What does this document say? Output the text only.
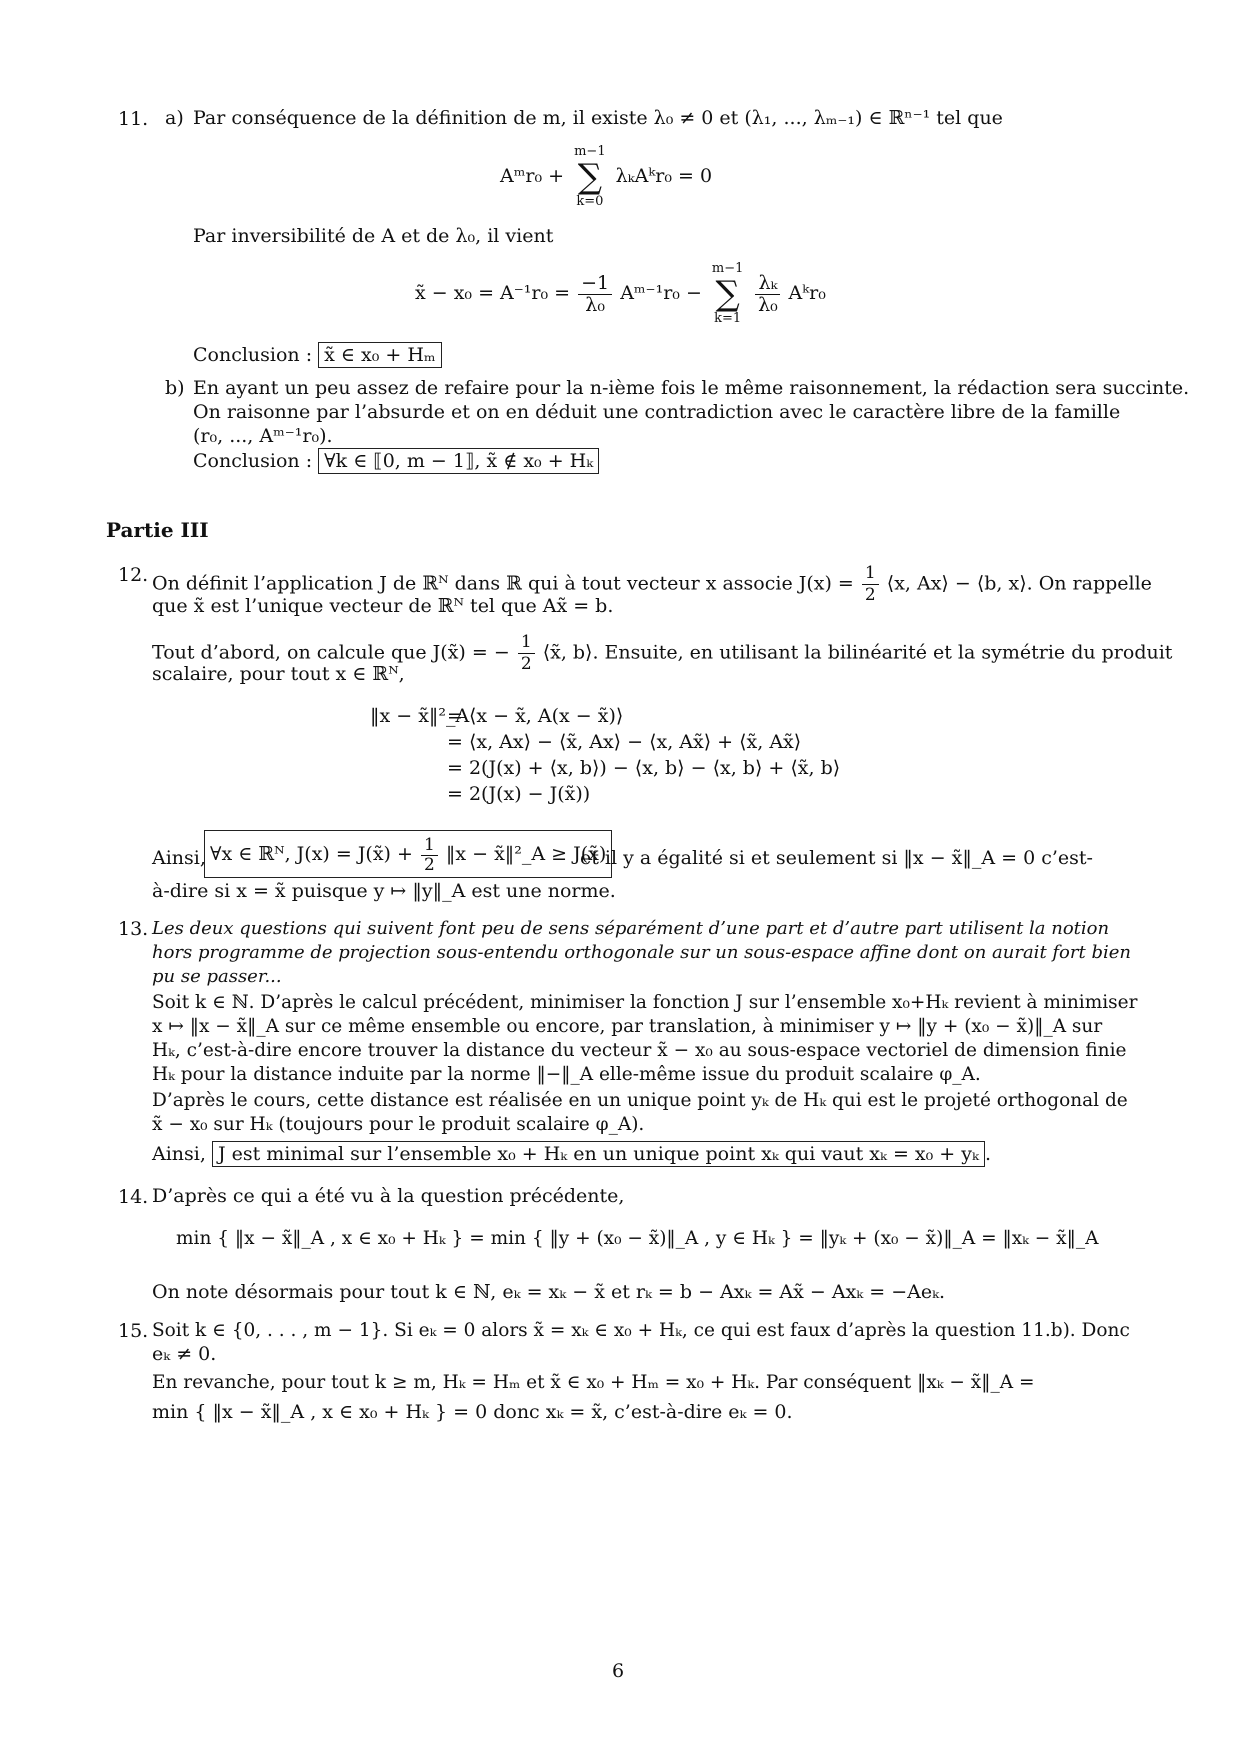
11. a) Par conséquence de la définition de m, il existe λ₀ ≠ 0 et (λ₁, ..., λₘ₋₁) ∈ ℝⁿ⁻¹ tel que
Aᵐr₀ +
m−1
∑
k=0
λₖAᵏr₀ = 0
Par inversibilité de A et de λ₀, il vient
x̃ − $x_0 = A^{-1}r_0 = \frac{-1}{\text{λ₀}}$ Aᵐ⁻¹r₀ −
m−1
∑
k=1

$\frac{\text{λₖ}}{\text{λ₀}}$ Aᵏr₀
Conclusion : x̃ ∈ x₀ + Hₘ
b) En ayant un peu assez de refaire pour la n-ième fois le même raisonnement, la rédaction sera succinte.
On raisonne par l’absurde et on en déduit une contradiction avec le caractère libre de la famille
(r₀, ..., Aᵐ⁻¹r₀).
Conclusion : ∀k ∈ ⟦0, m − 1⟧, x̃ ∉ x₀ + Hₖ
Partie III
12. On définit l’application J de ℝᴺ dans ℝ qui à tout vecteur x associe $J(x) = \frac{1}{2}$ ⟨x, Ax⟩ − ⟨b, x⟩. On rappelle
que x̃ est l’unique vecteur de ℝᴺ tel que Ax̃ = b.
Tout d’abord, on calcule que J(x̃) = − $\frac{1}{2}$ ⟨x̃, b⟩. Ensuite, en utilisant la bilinéarité et la symétrie du produit
scalaire, pour tout x ∈ ℝᴺ,
‖x − x̃‖²_A
= ⟨x − x̃, A(x − x̃)⟩
= ⟨x, Ax⟩ − ⟨x̃, Ax⟩ − ⟨x, Ax̃⟩ + ⟨x̃, Ax̃⟩
= 2(J(x) + ⟨x, b⟩) − ⟨x, b⟩ − ⟨x, b⟩ + ⟨x̃, b⟩
= 2(J(x) − J(x̃))
Ainsi, ∀x ∈ ℝᴺ, J(x) = J(x̃) + $\frac{1}{2}$ ‖x − x̃‖²_A ≥ J(x̃)
et il y a égalité si et seulement si ‖x − x̃‖_A = 0 c’est-
à-dire si x = x̃ puisque y ↦ ‖y‖_A est une norme.
13. Les deux questions qui suivent font peu de sens séparément d’une part et d’autre part utilisent la notion
hors programme de projection sous-entendu orthogonale sur un sous-espace affine dont on aurait fort bien
pu se passer...
Soit k ∈ ℕ. D’après le calcul précédent, minimiser la fonction J sur l’ensemble x₀+Hₖ revient à minimiser
x ↦ ‖x − x̃‖_A sur ce même ensemble ou encore, par translation, à minimiser y ↦ ‖y + (x₀ − x̃)‖_A sur
Hₖ, c’est-à-dire encore trouver la distance du vecteur x̃ − x₀ au sous-espace vectoriel de dimension finie
Hₖ pour la distance induite par la norme ‖−‖_A elle-même issue du produit scalaire φ_A.
D’après le cours, cette distance est réalisée en un unique point yₖ de Hₖ qui est le projeté orthogonal de
x̃ − x₀ sur Hₖ (toujours pour le produit scalaire φ_A).
Ainsi, J est minimal sur l’ensemble x₀ + Hₖ en un unique point xₖ qui vaut xₖ = x₀ + yₖ .
14. D’après ce qui a été vu à la question précédente,
min { ‖x − x̃‖_A , x ∈ x₀ + Hₖ } = min { ‖y + (x₀ − x̃)‖_A , y ∈ Hₖ } = ‖yₖ + (x₀ − x̃)‖_A = ‖xₖ − x̃‖_A
On note désormais pour tout k ∈ ℕ, eₖ = xₖ − x̃ et rₖ = b − Axₖ = Ax̃ − Axₖ = −Aeₖ.
15. Soit k ∈ {0, . . . , m − 1}. Si eₖ = 0 alors x̃ = xₖ ∈ x₀ + Hₖ, ce qui est faux d’après la question 11.b). Donc
eₖ ≠ 0.
En revanche, pour tout k ≥ m, Hₖ = Hₘ et x̃ ∈ x₀ + Hₘ = x₀ + Hₖ. Par conséquent ‖xₖ − x̃‖_A =
min { ‖x − x̃‖_A , x ∈ x₀ + Hₖ } = 0 donc xₖ = x̃, c’est-à-dire eₖ = 0.
6
